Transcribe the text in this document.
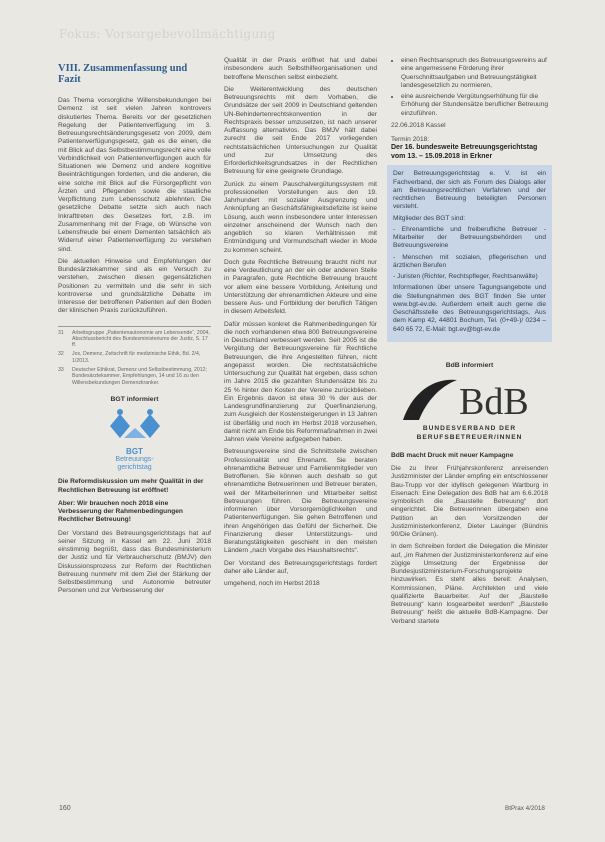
Fokus: Vorsorgebevollmächtigung
VIII. Zusammenfassung und Fazit

Das Thema vorsorgliche Willensbekundungen bei Demenz ist seit vielen Jahren kontrovers diskutiertes Thema. Bereits vor der gesetzlichen Regelung der Patientenverfügung im 3. Betreuungsrechtsänderungsgesetz von 2009, dem Patientenverfügungsgesetz, gab es die einen, die mit Blick auf das Selbstbestimmungsrecht eine volle Verbindlichkeit von Patientenverfügungen auch für Situationen wie Demenz und andere kognitive Beeinträchtigungen forderten, und die anderen, die eine solche mit Blick auf die Fürsorgepflicht von Ärzten und Pflegenden sowie die staatliche Verpflichtung zum Lebensschutz ablehnten. Die gesetzliche Debatte setzte sich auch nach Inkrafttreten des Gesetzes fort, z.B. im Zusammenhang mit der Frage, ob Wünsche von Lebensfreude bei einem Dementen tatsächlich als Widerruf einer Patientenverfügung zu verstehen sind.

Die aktuellen Hinweise und Empfehlungen der Bundesärztekammer sind als ein Versuch zu verstehen, zwischen diesen gegensätzlichen Positionen zu vermitteln und die sehr in sich kontroverse und grundsätzliche Debatte im Interesse der betroffenen Patienten auf den Boden der klinischen Praxis zurückzuführen.

31	Arbeitsgruppe „Patientenautonomie am Lebensende“, 2004, Abschlussbericht des Bundesministeriums der Justiz, S. 17 ff.
32	Jox, Demenz, Zeitschrift für medizinische Ethik, Bd. 2/4, 1/2013.
33	Deutscher Ethikrat, Demenz und Selbstbestimmung, 2012; Bundesärztekammer, Empfehlungen, 14 und 16 zu den Willensbekundungen Demenzkranker.
BGT informiert
BGT
Betreuungs-
gerichtstag
Die Reformdiskussion um mehr Qualität in der Rechtlichen Betreuung ist eröffnet!
Aber: Wir brauchen noch 2018 eine Verbesserung der Rahmenbedingungen Rechtlicher Betreuung!

Der Vorstand des Betreuungsgerichtstags hat auf seiner Sitzung in Kassel am 22. Juni 2018 einstimmig begrüßt, dass das Bundesministerium der Justiz und für Verbraucherschutz (BMJV) den Diskussionsprozess zur Reform der Rechtlichen Betreuung nunmehr mit dem Ziel der Stärkung der Selbstbestimmung und Autonomie betreuter Personen und zur Verbesserung der

Qualität in der Praxis eröffnet hat und dabei insbesondere auch Selbsthilfeorganisationen und betroffene Menschen selbst einbezieht.

Die Weiterentwicklung des deutschen Betreuungsrechts mit dem Vorhaben, die Grundsätze der seit 2009 in Deutschland geltenden UN-Behindertenrechtskonvention in der Rechtspraxis besser umzusetzen, ist nach unserer Auffassung alternativlos. Das BMJV hält dabei zurecht die seit Ende 2017 vorliegenden rechtstatsächlichen Untersuchungen zur Qualität und zur Umsetzung des Erforderlichkeitsgrundsatzes in der Rechtlichen Betreuung für eine geeignete Grundlage.

Zurück zu einem Pauschalvergütungssystem mit professionellen Vorstellungen aus den 19. Jahrhundert mit sozialer Ausgrenzung und Anknüpfung an Geschäftsfähigkeitsdefizite ist keine Lösung, auch wenn insbesondere unter Interessen einzelner anscheinend der Wunsch nach den angeblich so klaren Verhältnissen mit Entmündigung und Vormundschaft wieder in Mode zu kommen scheint.

Doch gute Rechtliche Betreuung braucht nicht nur eine Verdeutlichung an der ein oder anderen Stelle in Paragrafen, gute Rechtliche Betreuung braucht vor allem eine bessere Vorbildung, Anleitung und Unterstützung der ehrenamtlichen Akteure und eine bessere Aus- und Fortbildung der beruflich Tätigen in diesem Arbeitsfeld.

Dafür müssen konkret die Rahmenbedingungen für die noch vorhandenen etwa 800 Betreuungsvereine in Deutschland verbessert werden. Seit 2005 ist die Vergütung der Betreuungsvereine für Rechtliche Betreuungen, die ihre Angestellten führen, nicht angepasst worden. Die rechtstatsächliche Untersuchung zur Qualität hat ergeben, dass schon im Jahre 2015 die gezahlten Stundensätze bis zu 25 % hinter den Kosten der Vereine zurückblieben. Ein Ergebnis davon ist etwa 30 % der aus der Landesgrundfinanzierung zur Querfinanzierung, zum Ausgleich der Kostensteigerungen in 13 Jahren ist überfällig und noch im Herbst 2018 vorzusehen, damit nicht am Ende bis Reformmaßnahmen in zwei Jahren viele Vereine aufgegeben haben.

Betreuungsvereine sind die Schnittstelle zwischen Professionalität und Ehrenamt. Sie beraten ehrenamtliche Betreuer und Familienmitglieder von Betroffenen. Sie können auch deshalb so gut ehrenamtliche Betreuerinnen und Betreuer beraten, weil der Mitarbeiterinnen und Mitarbeiter selbst Betreuungen führen. Die Betreuungsvereine informieren über Vorsorgemöglichkeiten und Patientenverfügungen. Sie gehen Betroffenen und ihren Angehörigen das Gefühl der Sicherheit. Die Finanzierung dieser Unterstützungs- und Beratungstätigkeiten geschieht in den meisten Ländern „nach Vorgabe des Haushaltsrechts“.

Der Vorstand des Betreuungsgerichtstags fordert daher alle Länder auf,

umgehend, noch im Herbst 2018

• einen Rechtsanspruch des Betreuungsvereins auf eine angemessene Förderung ihrer Querschnittsaufgaben und Betreuungstätigkeit landesgesetzlich zu normieren,
• eine ausreichende Vergütungserhöhung für die Erhöhung der Stundensätze beruflicher Betreuung einzuführen.
22.06.2018 Kassel
Termin 2018:
Der 16. bundesweite Betreuungsgerichtstag vom 13. – 15.09.2018 in Erkner

Der Betreuungsgerichtstag e. V. ist ein Fachverband, der sich als Forum des Dialogs aller am Betreuungsrechtlichen Verfahren und der rechtlichen Betreuung beteiligten Personen versteht.

Mitglieder des BGT sind:

- Ehrenamtliche und freiberufliche Betreuer - Mitarbeiter der Betreuungsbehörden und Betreuungsvereine

- Menschen mit sozialen, pflegerischen und ärztlichen Berufen

- Juristen (Richter, Rechtspfleger, Rechtsanwälte)

Informationen über unsere Tagungsangebote und die Stellungnahmen des BGT finden Sie unter www.bgt-ev.de. Außerdem erteilt auch gerne die Geschäftsstelle des Betreuungsgerichtstags, Aus dem Kamp 42, 44801 Bochum, Tel. (0+49-)/ 0234 – 640 65 72, E-Mail: bgt.ev@bgt-ev.de

BdB informiert
BdB
BUNDESVERBAND DER
BERUFSBETREUER/INNEN
BdB macht Druck mit neuer Kampagne

Die zu Ihrer Frühjahrskonferenz anreisenden Justizminister der Länder empfing ein entschlossener Bau-Trupp vor der idyllisch gelegenen Wartburg in Eisenach: Eine Delegation des BdB hat am 6.6.2018 symbolisch die „Baustelle Betreuung“ dort eingerichtet. Die Betreuerinnen übergaben eine Petition an den Vorsitzenden der Justizministerkonferenz, Dieter Lauinger (Bündnis 90/Die Grünen).

In dem Schreiben fordert die Delegation die Minister auf, „im Rahmen der Justizministerkonferenz auf eine zügige Umsetzung der Ergebnisse der Bundesjustizministerium-Forschungsprojekte hinzuwirken. Es steht alles bereit: Analysen, Kommissionen, Pläne. Architekten und viele qualifizierte Bauarbeiter. Auf der „Baustelle Betreuung“ kann losgearbeitet werden!“ „Baustelle Betreuung“ heißt die aktuelle BdB-Kampagne. Der Verband startete

160	BtPrax 4/2018
